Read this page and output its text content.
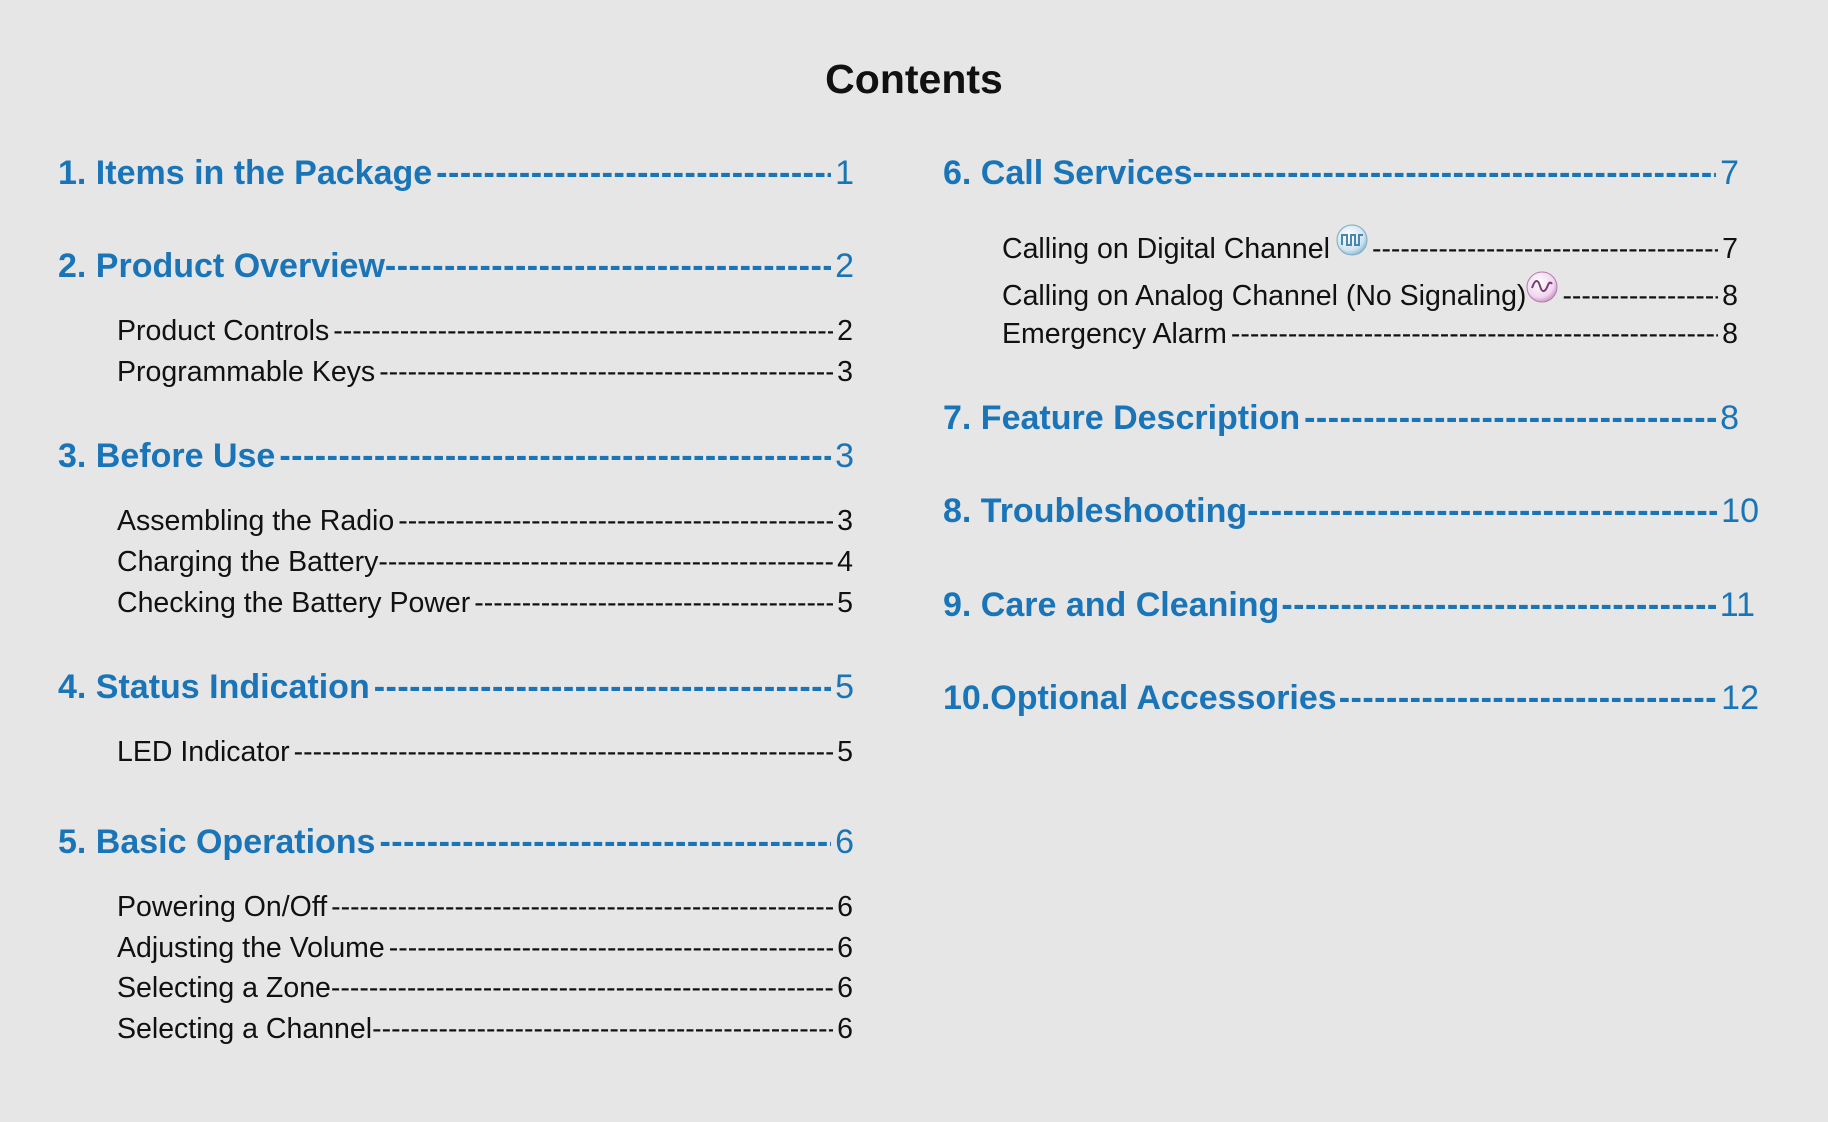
Contents
1. Items in the Package -----	1
2. Product Overview -----	2
Product Controls -----	2
Programmable Keys -----	3
3. Before Use -----	3
Assembling the Radio -----	3
Charging the Battery -----	4
Checking the Battery Power -----	5
4. Status Indication -----	5
LED Indicator -----	5
5. Basic Operations -----	6
Powering On/Off -----	6
Adjusting the Volume -----	6
Selecting a Zone -----	6
Selecting a Channel -----	6
6. Call Services -----	7
Calling on Digital Channel -----	7
Calling on Analog Channel (No Signaling) -----	8
Emergency Alarm -----	8
7. Feature Description -----	8
8. Troubleshooting -----	10
9. Care and Cleaning -----	11
10.Optional Accessories -----	12
